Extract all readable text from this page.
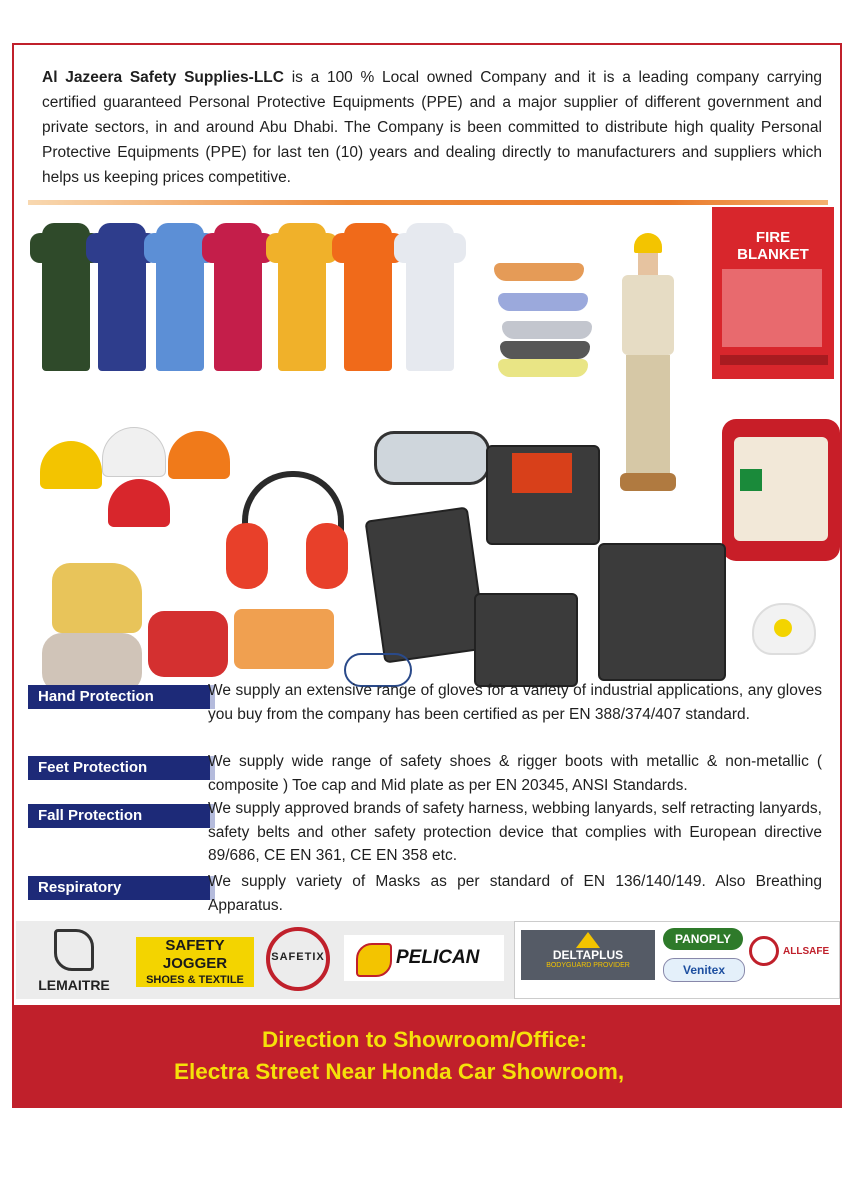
Al Jazeera Safety Supplies-LLC is a 100 % Local owned Company and it is a leading company carrying certified guaranteed Personal Protective Equipments (PPE) and a major supplier of different government and private sectors, in and around Abu Dhabi. The Company is been committed to distribute high quality Personal Protective Equipments (PPE) for last ten (10) years and dealing directly to manufacturers and suppliers which helps us keeping prices competitive.
FIRE
BLANKET
Hand Protection	We supply an extensive range of gloves for a variety of industrial applications, any gloves you buy from the company has been certified as per EN 388/374/407 standard.
Feet Protection	We supply wide range of safety shoes & rigger boots with metallic & non-metallic ( composite ) Toe cap and Mid plate as per EN 20345, ANSI Standards.
Fall Protection	We supply approved brands of safety harness, webbing lanyards, self retracting lanyards, safety belts and other safety protection device that complies with European directive 89/686, CE EN 361, CE EN 358 etc.
Respiratory	We supply variety of Masks as per standard of EN 136/140/149. Also Breathing Apparatus.
LEMAITRE
SAFETY JOGGER
SHOES & TEXTILE
SAFETIX	PELICAN	DELTAPLUS
BODYGUARD PROVIDER
PANOPLY
Venitex
ALLSAFE
Direction to Showroom/Office:
Electra Street Near Honda Car Showroom,
